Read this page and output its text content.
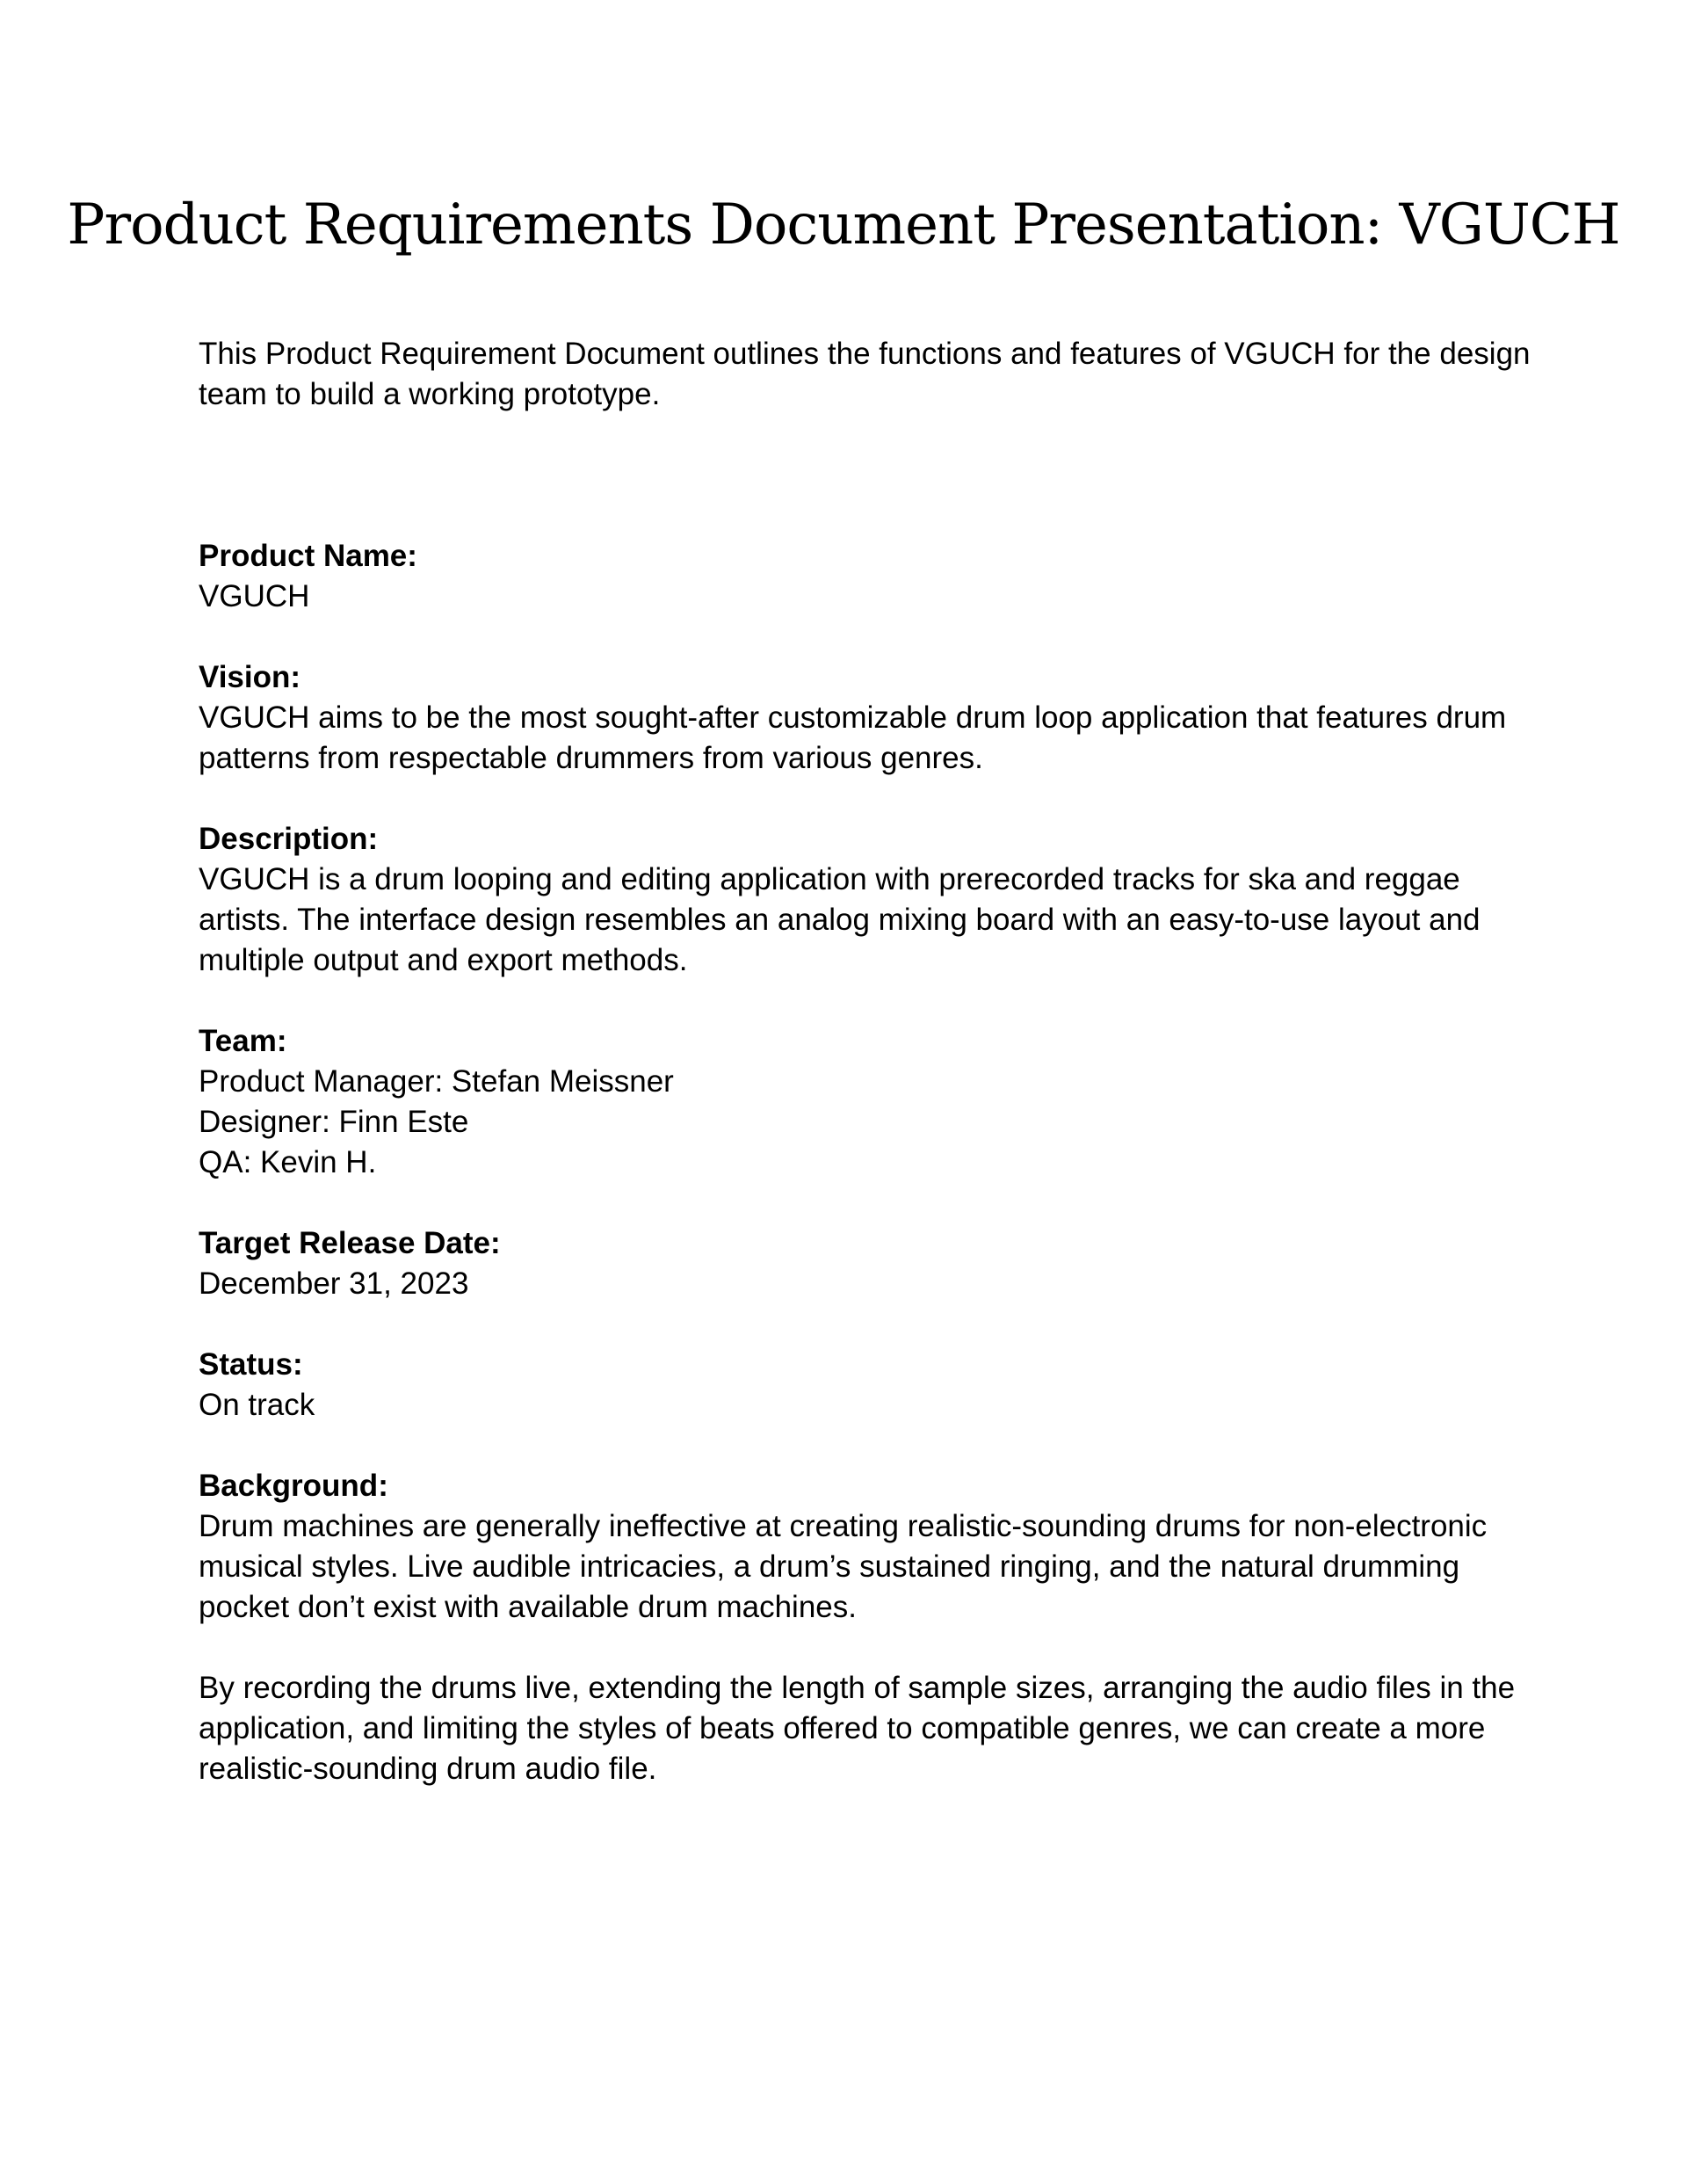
Product Requirements Document Presentation: VGUCH

This Product Requirement Document outlines the functions and features of VGUCH for the design team to build a working prototype.

Product Name:
VGUCH
Vision:
VGUCH aims to be the most sought-after customizable drum loop application that features drum patterns from respectable drummers from various genres.
Description:
VGUCH is a drum looping and editing application with prerecorded tracks for ska and reggae artists. The interface design resembles an analog mixing board with an easy-to-use layout and multiple output and export methods.
Team:
Product Manager: Stefan Meissner
Designer: Finn Este
QA: Kevin H.
Target Release Date:
December 31, 2023
Status:
On track
Background:
Drum machines are generally ineffective at creating realistic-sounding drums for non-electronic musical styles. Live audible intricacies, a drum’s sustained ringing, and the natural drumming pocket don’t exist with available drum machines.
By recording the drums live, extending the length of sample sizes, arranging the audio files in the application, and limiting the styles of beats offered to compatible genres, we can create a more realistic-sounding drum audio file.
